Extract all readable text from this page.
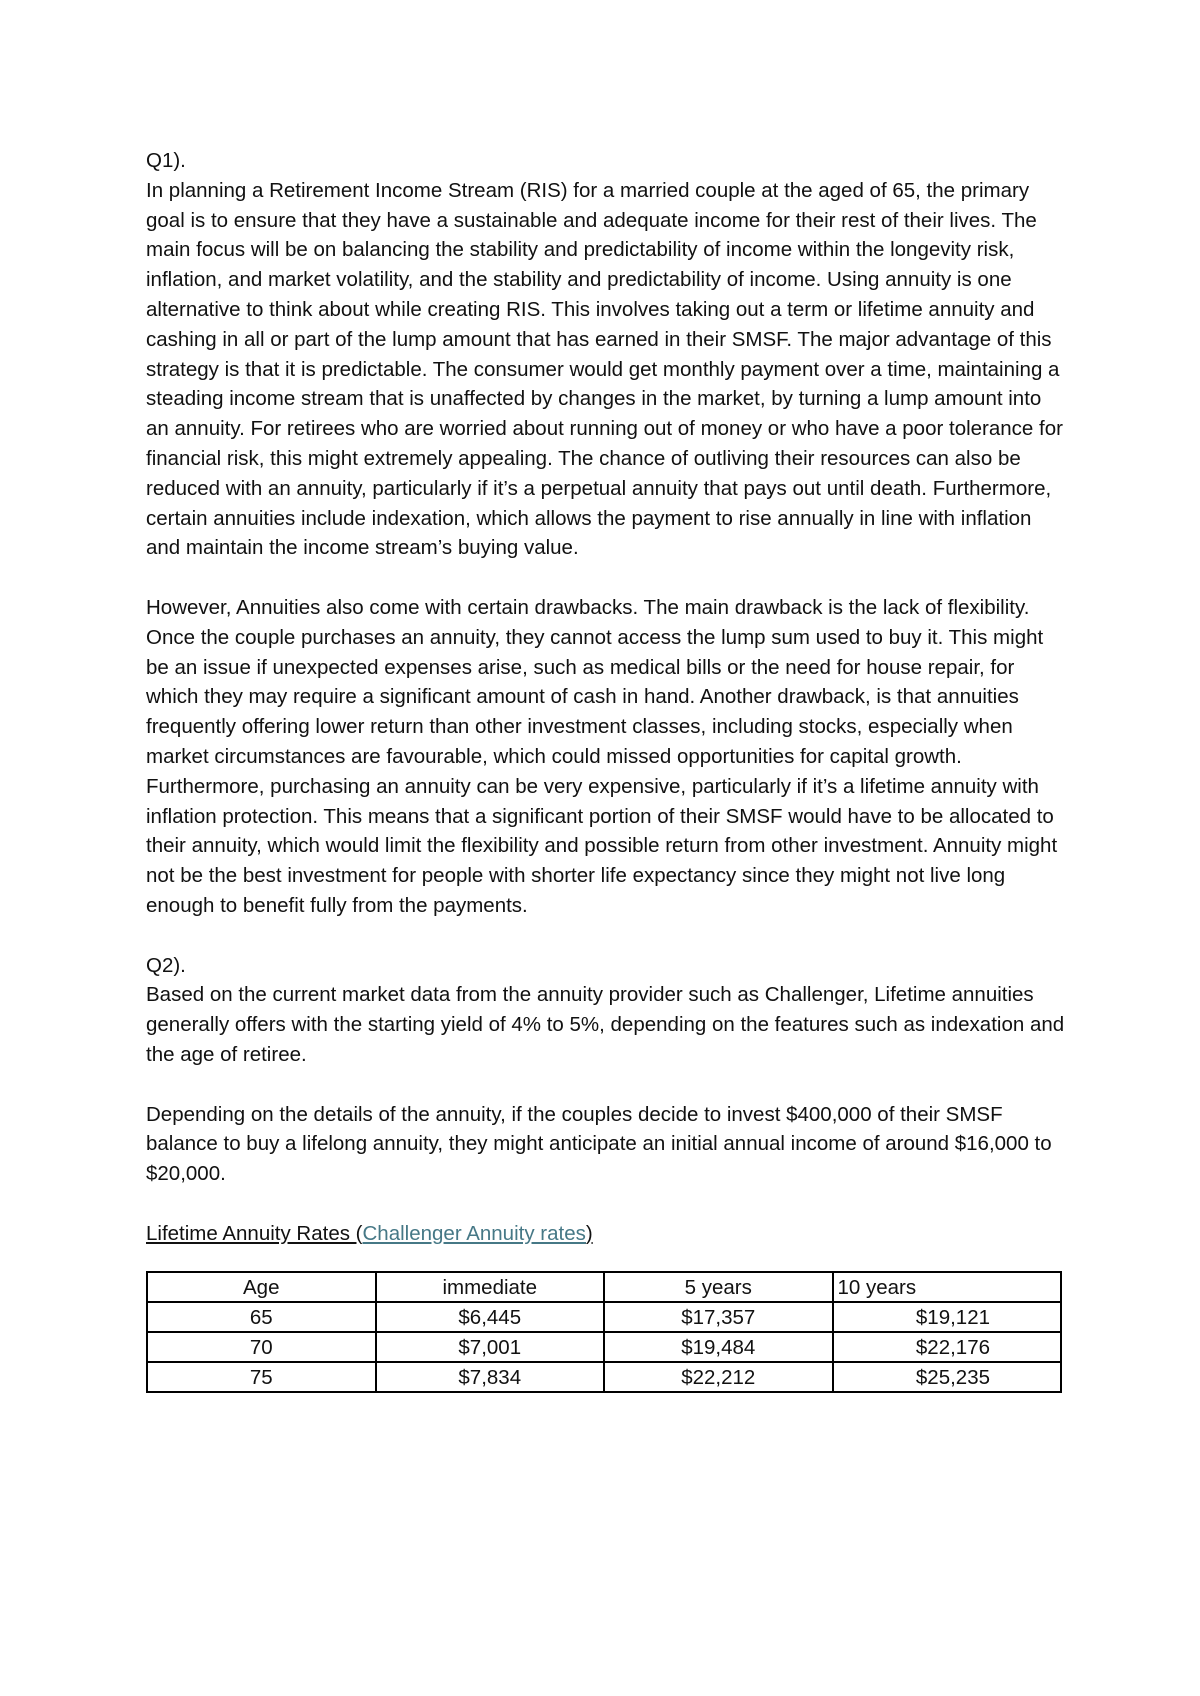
Q1).

In planning a Retirement Income Stream (RIS) for a married couple at the aged of 65, the primary goal is to ensure that they have a sustainable and adequate income for their rest of their lives. The main focus will be on balancing the stability and predictability of income within the longevity risk, inflation, and market volatility, and the stability and predictability of income. Using annuity is one alternative to think about while creating RIS. This involves taking out a term or lifetime annuity and cashing in all or part of the lump amount that has earned in their SMSF. The major advantage of this strategy is that it is predictable. The consumer would get monthly payment over a time, maintaining a steading income stream that is unaffected by changes in the market, by turning a lump amount into an annuity. For retirees who are worried about running out of money or who have a poor tolerance for financial risk, this might extremely appealing. The chance of outliving their resources can also be reduced with an annuity, particularly if it’s a perpetual annuity that pays out until death. Furthermore, certain annuities include indexation, which allows the payment to rise annually in line with inflation and maintain the income stream’s buying value.

However, Annuities also come with certain drawbacks. The main drawback is the lack of flexibility. Once the couple purchases an annuity, they cannot access the lump sum used to buy it. This might be an issue if unexpected expenses arise, such as medical bills or the need for house repair, for which they may require a significant amount of cash in hand. Another drawback, is that annuities frequently offering lower return than other investment classes, including stocks, especially when market circumstances are favourable, which could missed opportunities for capital growth. Furthermore, purchasing an annuity can be very expensive, particularly if it’s a lifetime annuity with inflation protection. This means that a significant portion of their SMSF would have to be allocated to their annuity, which would limit the flexibility and possible return from other investment. Annuity might not be the best investment for people with shorter life expectancy since they might not live long enough to benefit fully from the payments.

Q2).

Based on the current market data from the annuity provider such as Challenger, Lifetime annuities generally offers with the starting yield of 4% to 5%, depending on the features such as indexation and the age of retiree.

Depending on the details of the annuity, if the couples decide to invest $400,000 of their SMSF balance to buy a lifelong annuity, they might anticipate an initial annual income of around $16,000 to $20,000.

Lifetime Annuity Rates (Challenger Annuity rates)

Age	immediate	5 years	10 years
65	$6,445	$17,357	$19,121
70	$7,001	$19,484	$22,176
75	$7,834	$22,212	$25,235
